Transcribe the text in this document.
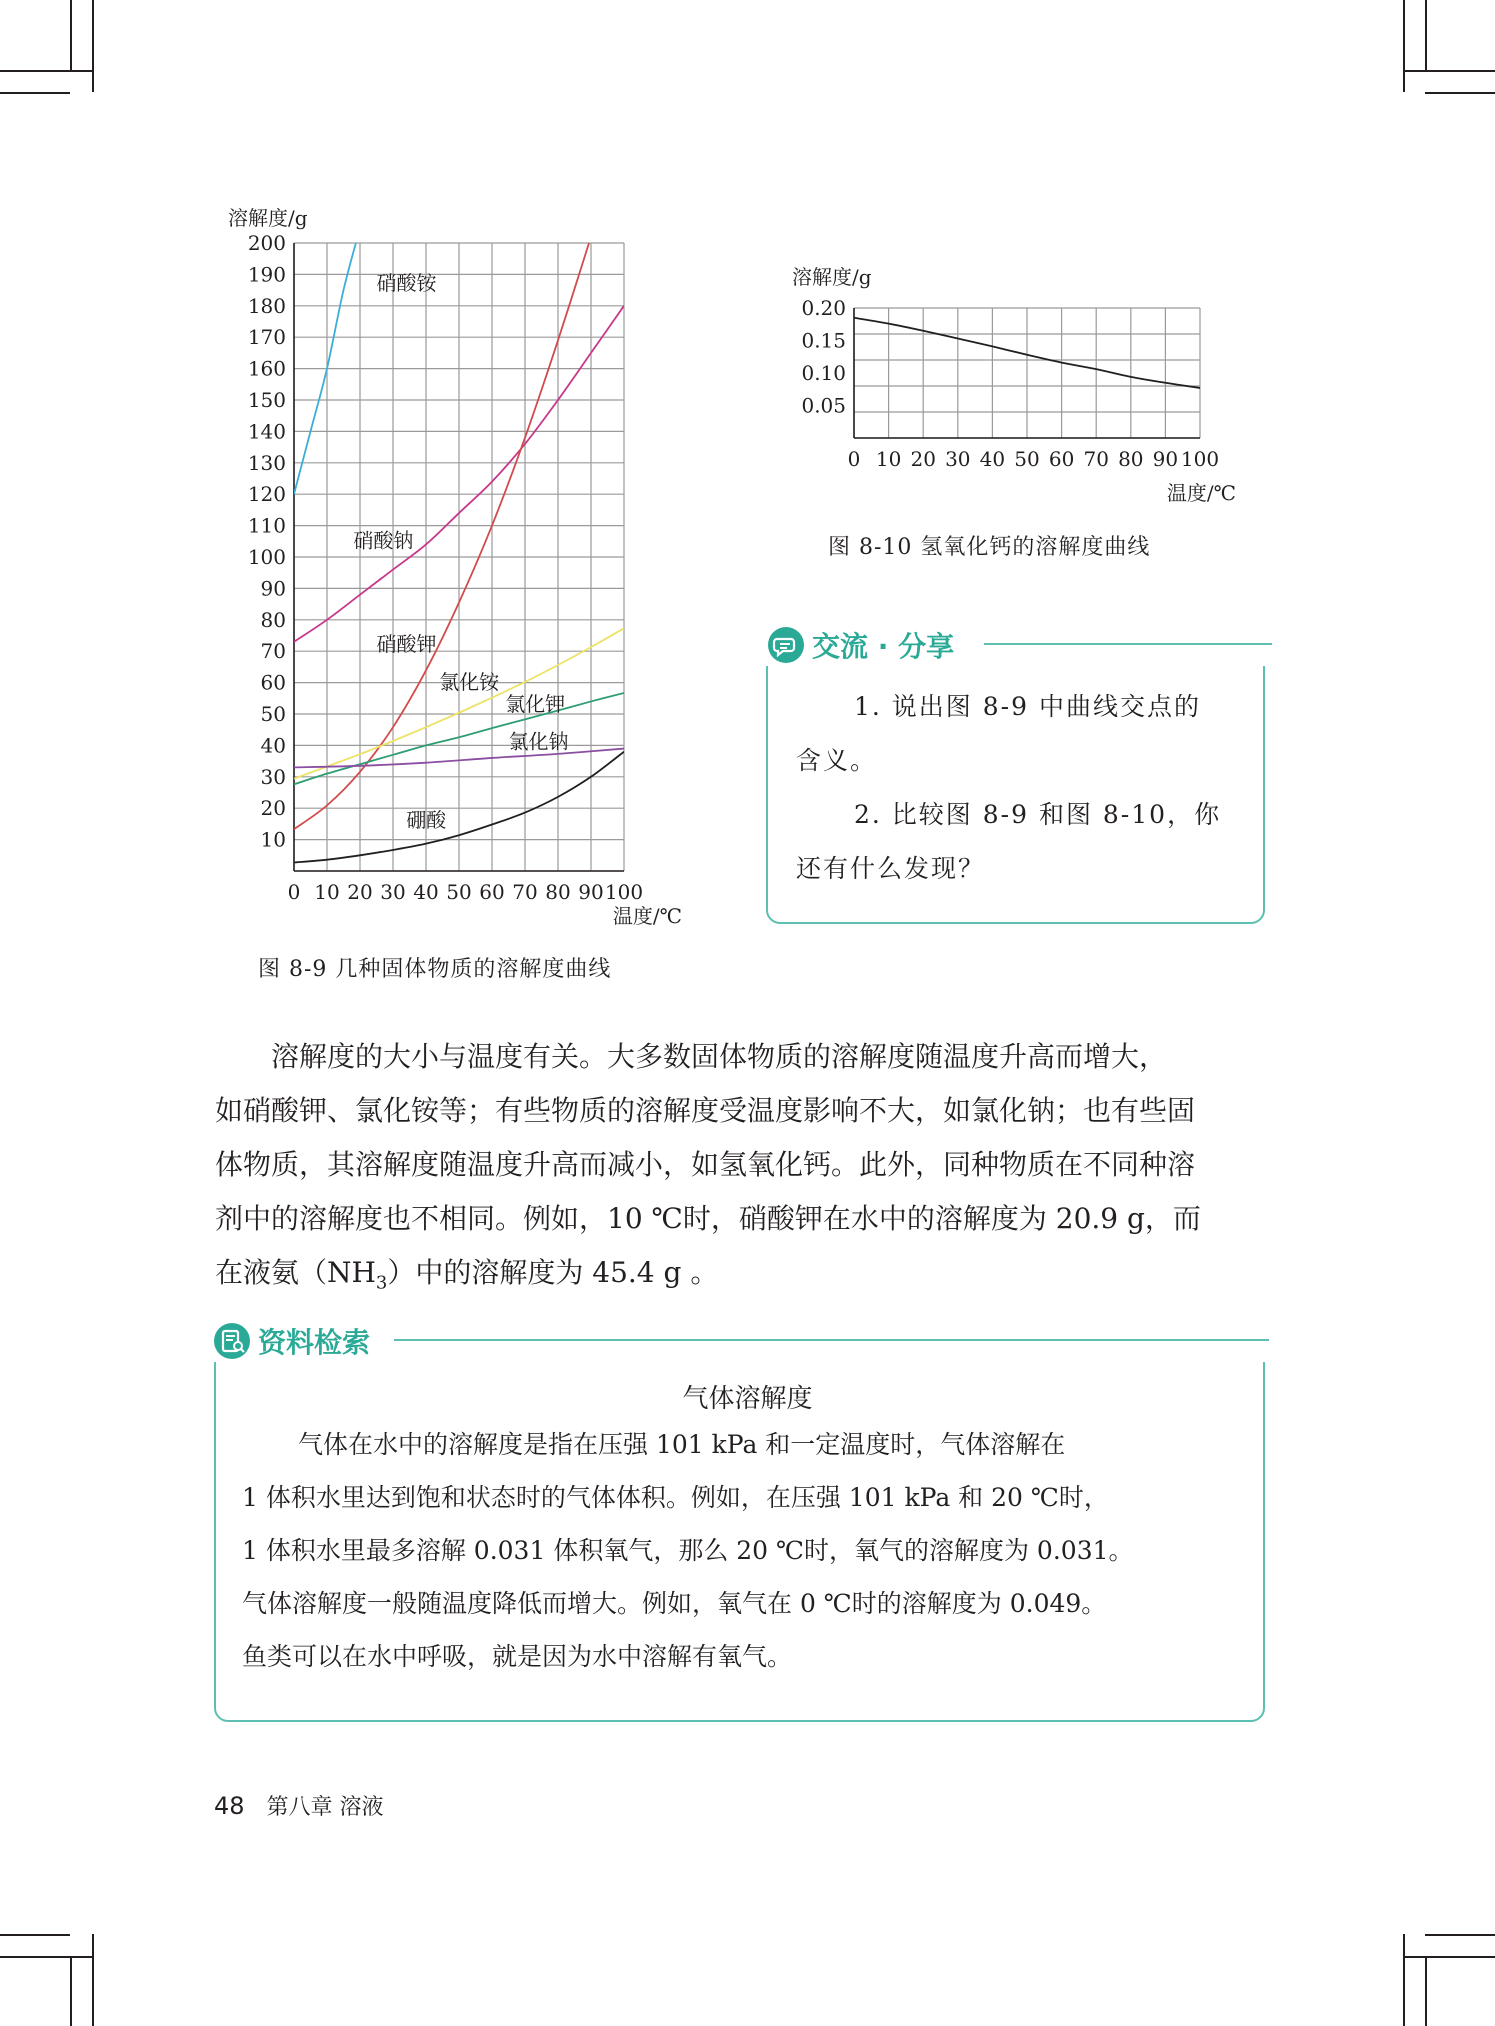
10
20
30
40
50
60
70
80
90
100
110
120
130
140
150
160
170
180
190
200
0 10 20 30 40 50 60 70 80 90 100
溶解度/g
温度/℃
硝酸铵
硝酸钠
硝酸钾
氯化铵
氯化钾
氯化钠
硼酸
图 8-9 几种固体物质的溶解度曲线
0.05
0.10
0.15
0.20
0 10 20 30 40 50 60 70 80 90 100
溶解度/g
温度/℃
图 8-10 氢氧化钙的溶解度曲线
交流 · 分享
1. 说出图 8-9 中曲线交点的
含义。
2. 比较图 8-9 和图 8-10，你
还有什么发现？

溶解度的大小与温度有关。大多数固体物质的溶解度随温度升高而增大，
如硝酸钾、氯化铵等；有些物质的溶解度受温度影响不大，如氯化钠；也有些固
体物质，其溶解度随温度升高而减小，如氢氧化钙。此外，同种物质在不同种溶
剂中的溶解度也不相同。例如，10 ℃时，硝酸钾在水中的溶解度为 20.9 g，而
在液氨$(NH_3)$中的溶解度为 45.4 g 。

资料检索
气体溶解度
气体在水中的溶解度是指在压强 101 kPa 和一定温度时，气体溶解在
1 体积水里达到饱和状态时的气体体积。例如，在压强 101 kPa 和 20 ℃时，
1 体积水里最多溶解 0.031 体积氧气，那么 20 ℃时，氧气的溶解度为 0.031。
气体溶解度一般随温度降低而增大。例如，氧气在 0 ℃时的溶解度为 0.049。
鱼类可以在水中呼吸，就是因为水中溶解有氧气。
48 第八章 溶液
